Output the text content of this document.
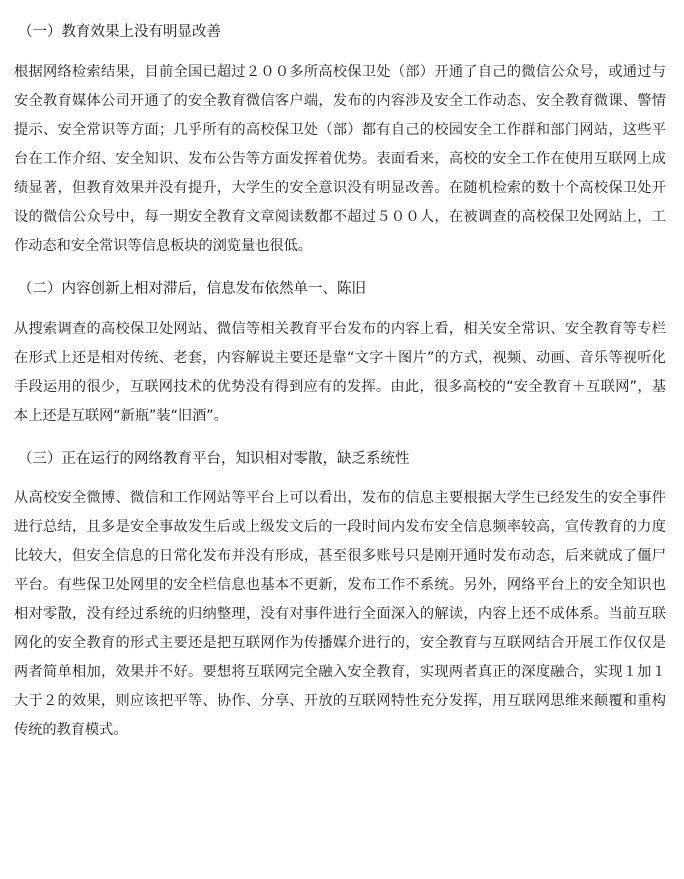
（一）教育效果上没有明显改善

根据网络检索结果，目前全国已超过２００多所高校保卫处（部）开通了自己的微信公众号，或通过与安全教育媒体公司开通了的安全教育微信客户端，发布的内容涉及安全工作动态、安全教育微课、警情提示、安全常识等方面；几乎所有的高校保卫处（部）都有自己的校园安全工作群和部门网站，这些平台在工作介绍、安全知识、发布公告等方面发挥着优势。表面看来，高校的安全工作在使用互联网上成绩显著，但教育效果并没有提升，大学生的安全意识没有明显改善。在随机检索的数十个高校保卫处开设的微信公众号中，每一期安全教育文章阅读数都不超过５００人，在被调查的高校保卫处网站上，工作动态和安全常识等信息板块的浏览量也很低。

（二）内容创新上相对滞后，信息发布依然单一、陈旧

从搜索调查的高校保卫处网站、微信等相关教育平台发布的内容上看，相关安全常识、安全教育等专栏在形式上还是相对传统、老套，内容解说主要还是靠“文字＋图片”的方式，视频、动画、音乐等视听化手段运用的很少，互联网技术的优势没有得到应有的发挥。由此，很多高校的“安全教育＋互联网”，基本上还是互联网“新瓶”装“旧酒”。

（三）正在运行的网络教育平台，知识相对零散，缺乏系统性

从高校安全微博、微信和工作网站等平台上可以看出，发布的信息主要根据大学生已经发生的安全事件进行总结，且多是安全事故发生后或上级发文后的一段时间内发布安全信息频率较高，宣传教育的力度比较大，但安全信息的日常化发布并没有形成，甚至很多账号只是刚开通时发布动态，后来就成了僵尸平台。有些保卫处网里的安全栏信息也基本不更新，发布工作不系统。另外，网络平台上的安全知识也相对零散，没有经过系统的归纳整理，没有对事件进行全面深入的解读，内容上还不成体系。当前互联网化的安全教育的形式主要还是把互联网作为传播媒介进行的，安全教育与互联网结合开展工作仅仅是两者简单相加，效果并不好。要想将互联网完全融入安全教育，实现两者真正的深度融合，实现１加１大于２的效果，则应该把平等、协作、分享、开放的互联网特性充分发挥，用互联网思维来颠覆和重构传统的教育模式。
